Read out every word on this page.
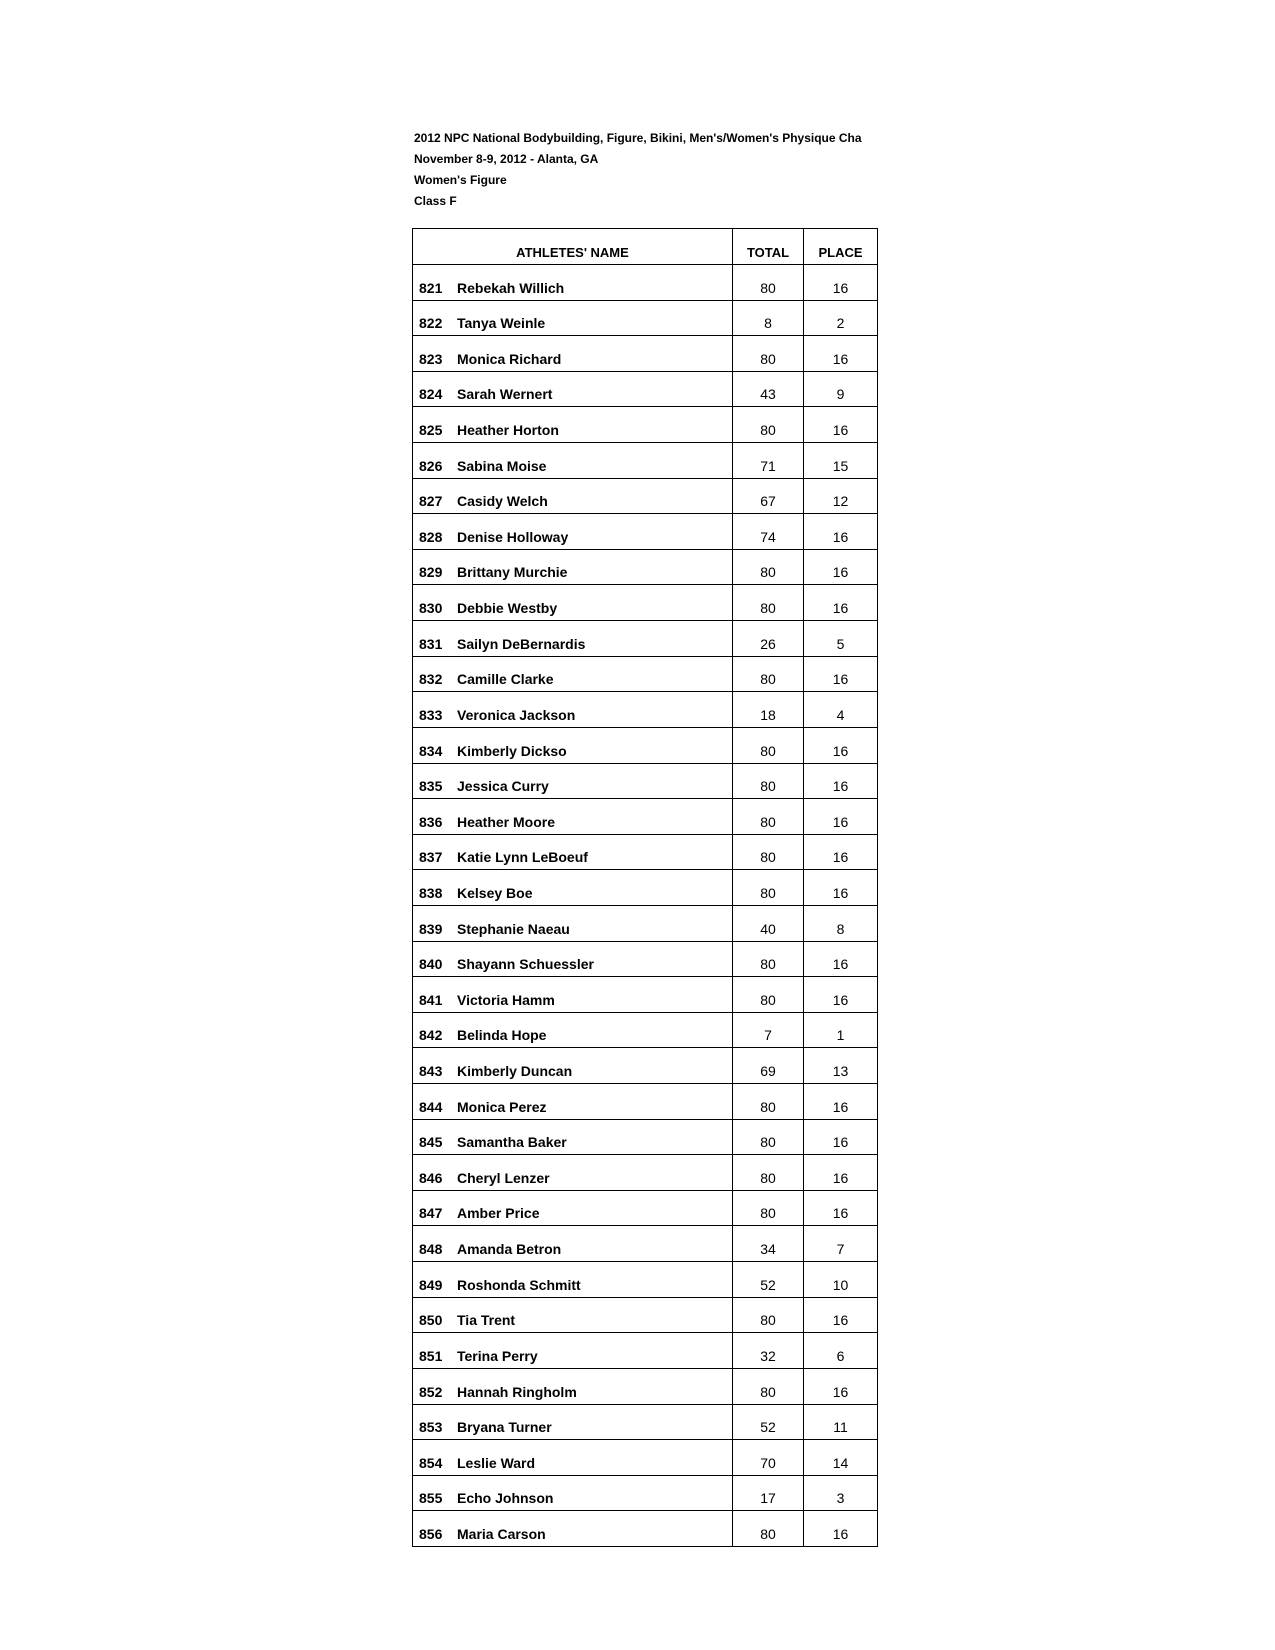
2012 NPC National Bodybuilding, Figure, Bikini, Men's/Women's Physique Cha
November 8-9, 2012 - Alanta, GA
Women's Figure
Class F
ATHLETES' NAME	TOTAL	PLACE
821 Rebekah Willich	80	16
822 Tanya Weinle	8	2
823 Monica Richard	80	16
824 Sarah Wernert	43	9
825 Heather Horton	80	16
826 Sabina Moise	71	15
827 Casidy Welch	67	12
828 Denise Holloway	74	16
829 Brittany Murchie	80	16
830 Debbie Westby	80	16
831 Sailyn DeBernardis	26	5
832 Camille Clarke	80	16
833 Veronica Jackson	18	4
834 Kimberly Dickso	80	16
835 Jessica Curry	80	16
836 Heather Moore	80	16
837 Katie Lynn LeBoeuf	80	16
838 Kelsey Boe	80	16
839 Stephanie Naeau	40	8
840 Shayann Schuessler	80	16
841 Victoria Hamm	80	16
842 Belinda Hope	7	1
843 Kimberly Duncan	69	13
844 Monica Perez	80	16
845 Samantha Baker	80	16
846 Cheryl Lenzer	80	16
847 Amber Price	80	16
848 Amanda Betron	34	7
849 Roshonda Schmitt	52	10
850 Tia Trent	80	16
851 Terina Perry	32	6
852 Hannah Ringholm	80	16
853 Bryana Turner	52	11
854 Leslie Ward	70	14
855 Echo Johnson	17	3
856 Maria Carson	80	16
